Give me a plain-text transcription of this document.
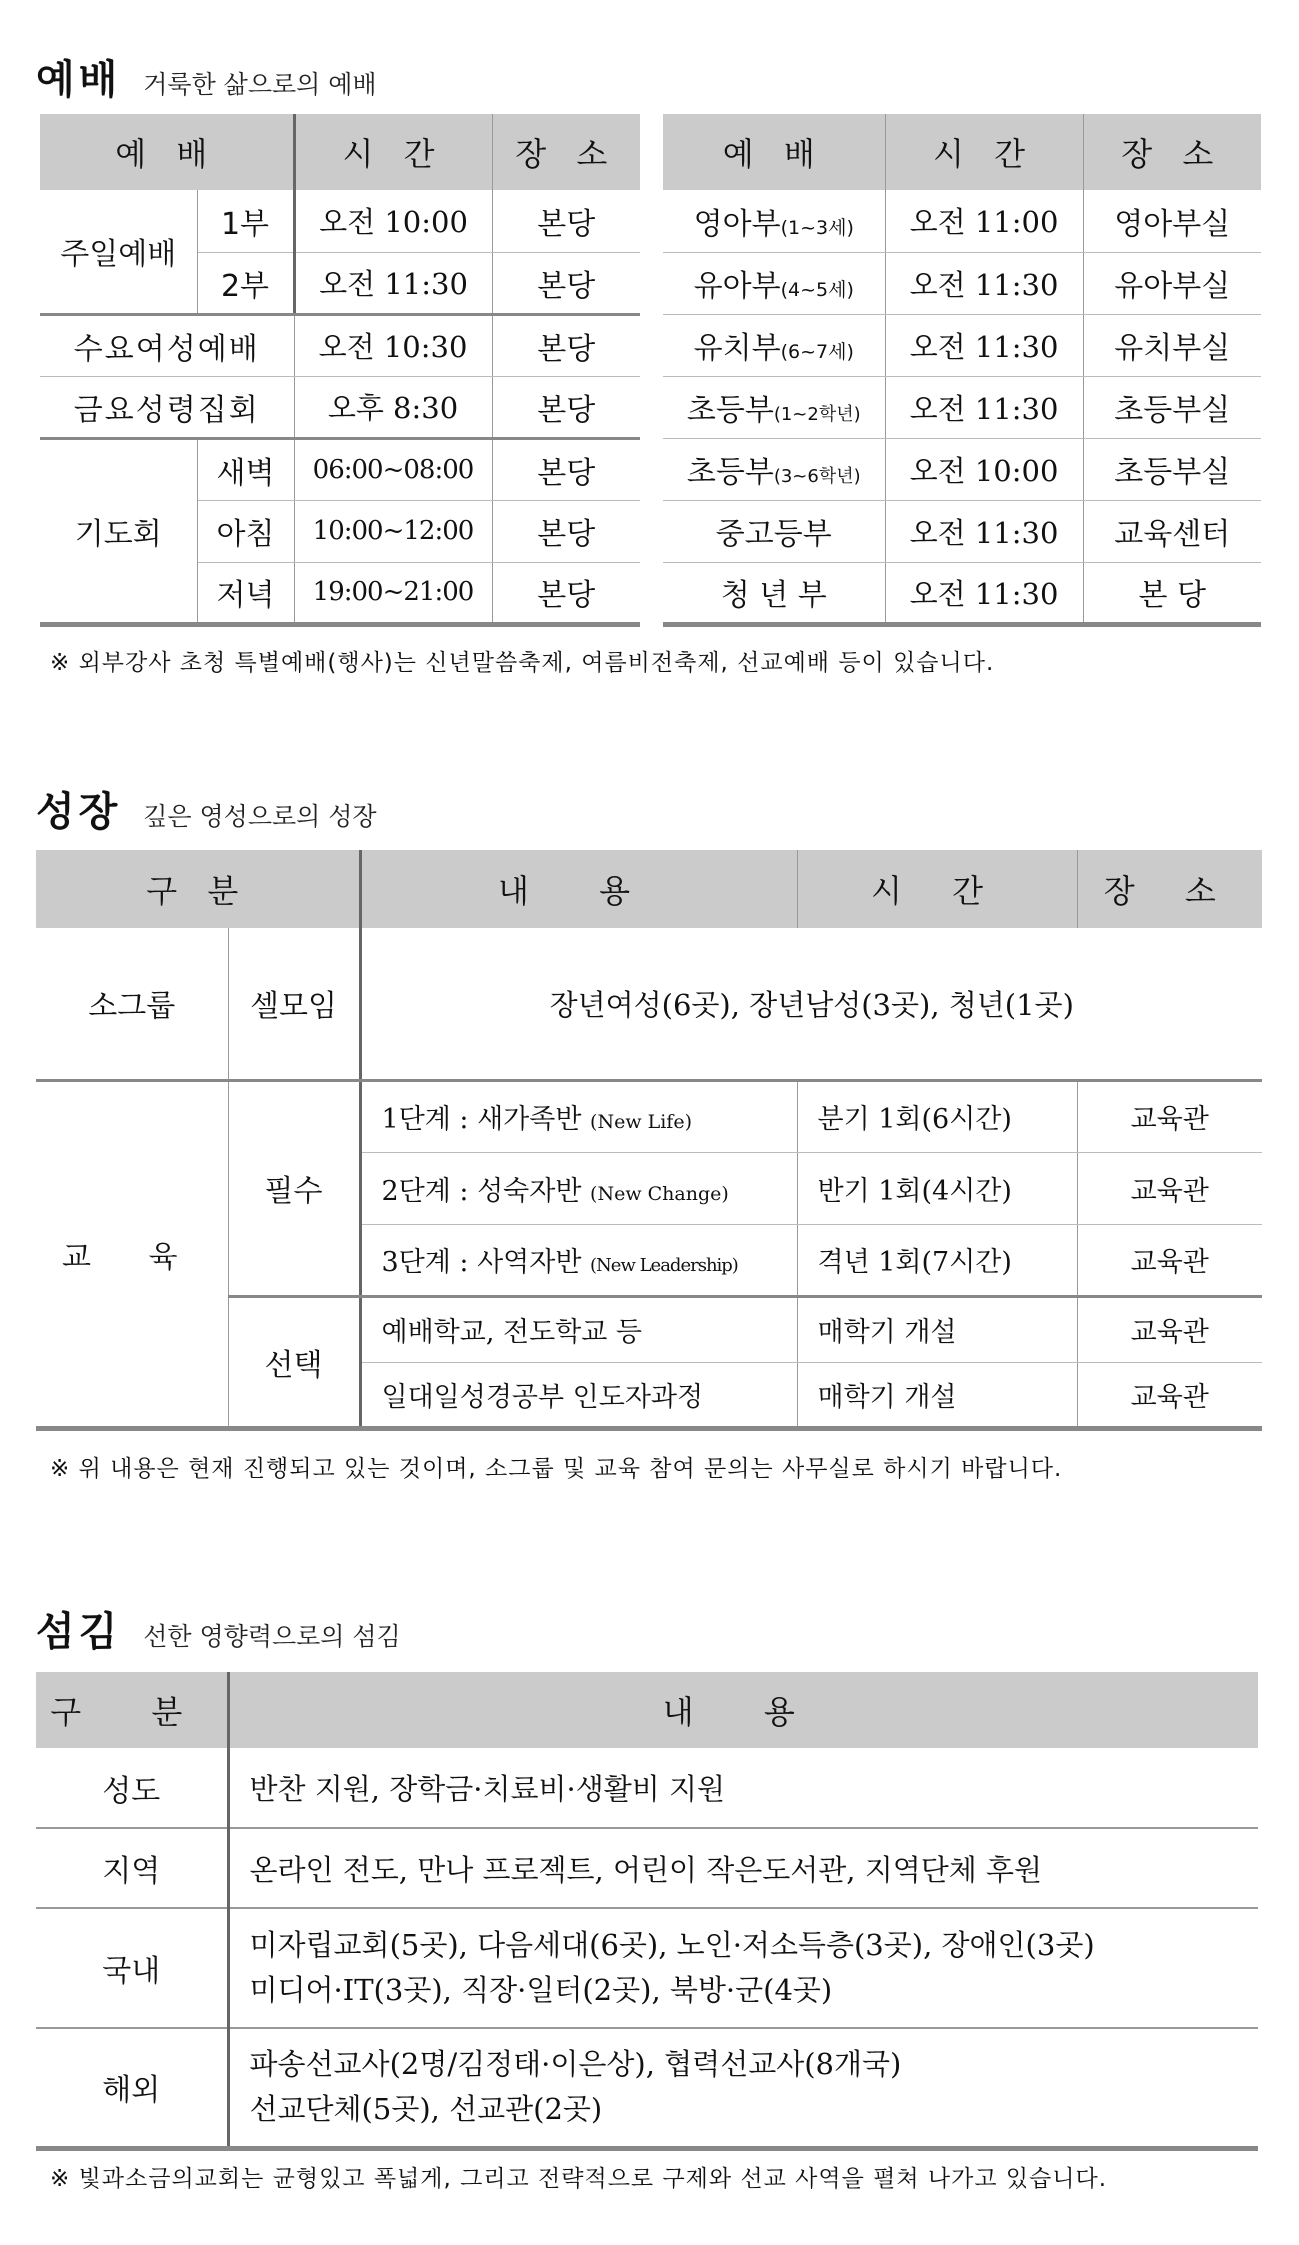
예배 거룩한 삶으로의 예배
예 배		시 간	장 소
주일예배	1부	오전 10:00	본당
	2부	오전 11:30	본당
수요여성예배		오전 10:30	본당
금요성령집회		오후 8:30	본당
기도회	새벽	06:00~08:00	본당
	아침	10:00~12:00	본당
	저녁	19:00~21:00	본당
예 배	시 간	장 소
영아부(1~3세)	오전 11:00	영아부실
유아부(4~5세)	오전 11:30	유아부실
유치부(6~7세)	오전 11:30	유치부실
초등부(1~2학년)	오전 11:30	초등부실
초등부(3~6학년)	오전 10:00	초등부실
중고등부	오전 11:30	교육센터
청 년 부	오전 11:30	본 당
※ 외부강사 초청 특별예배(행사)는 신년말씀축제, 여름비전축제, 선교예배 등이 있습니다.
성장 깊은 영성으로의 성장
구 분		내 용	시 간	장 소
소그룹	셀모임	장년여성(6곳), 장년남성(3곳), 청년(1곳)		
교 육	필수	1단계 : 새가족반 (New Life)	분기 1회(6시간)	교육관
		2단계 : 성숙자반 (New Change)	반기 1회(4시간)	교육관
		3단계 : 사역자반 (New Leadership)	격년 1회(7시간)	교육관
	선택	예배학교, 전도학교 등	매학기 개설	교육관
		일대일성경공부 인도자과정	매학기 개설	교육관
※ 위 내용은 현재 진행되고 있는 것이며, 소그룹 및 교육 참여 문의는 사무실로 하시기 바랍니다.
섬김 선한 영향력으로의 섬김
구 분	내 용
성도	반찬 지원, 장학금·치료비·생활비 지원

지역	온라인 전도, 만나 프로젝트, 어린이 작은도서관, 지역단체 후원

국내	미자립교회(5곳), 다음세대(6곳), 노인·저소득층(3곳), 장애인(3곳)
미디어·IT(3곳), 직장·일터(2곳), 북방·군(4곳)

해외	파송선교사(2명/김정태·이은상), 협력선교사(8개국)
선교단체(5곳), 선교관(2곳)
※ 빛과소금의교회는 균형있고 폭넓게, 그리고 전략적으로 구제와 선교 사역을 펼쳐 나가고 있습니다.
